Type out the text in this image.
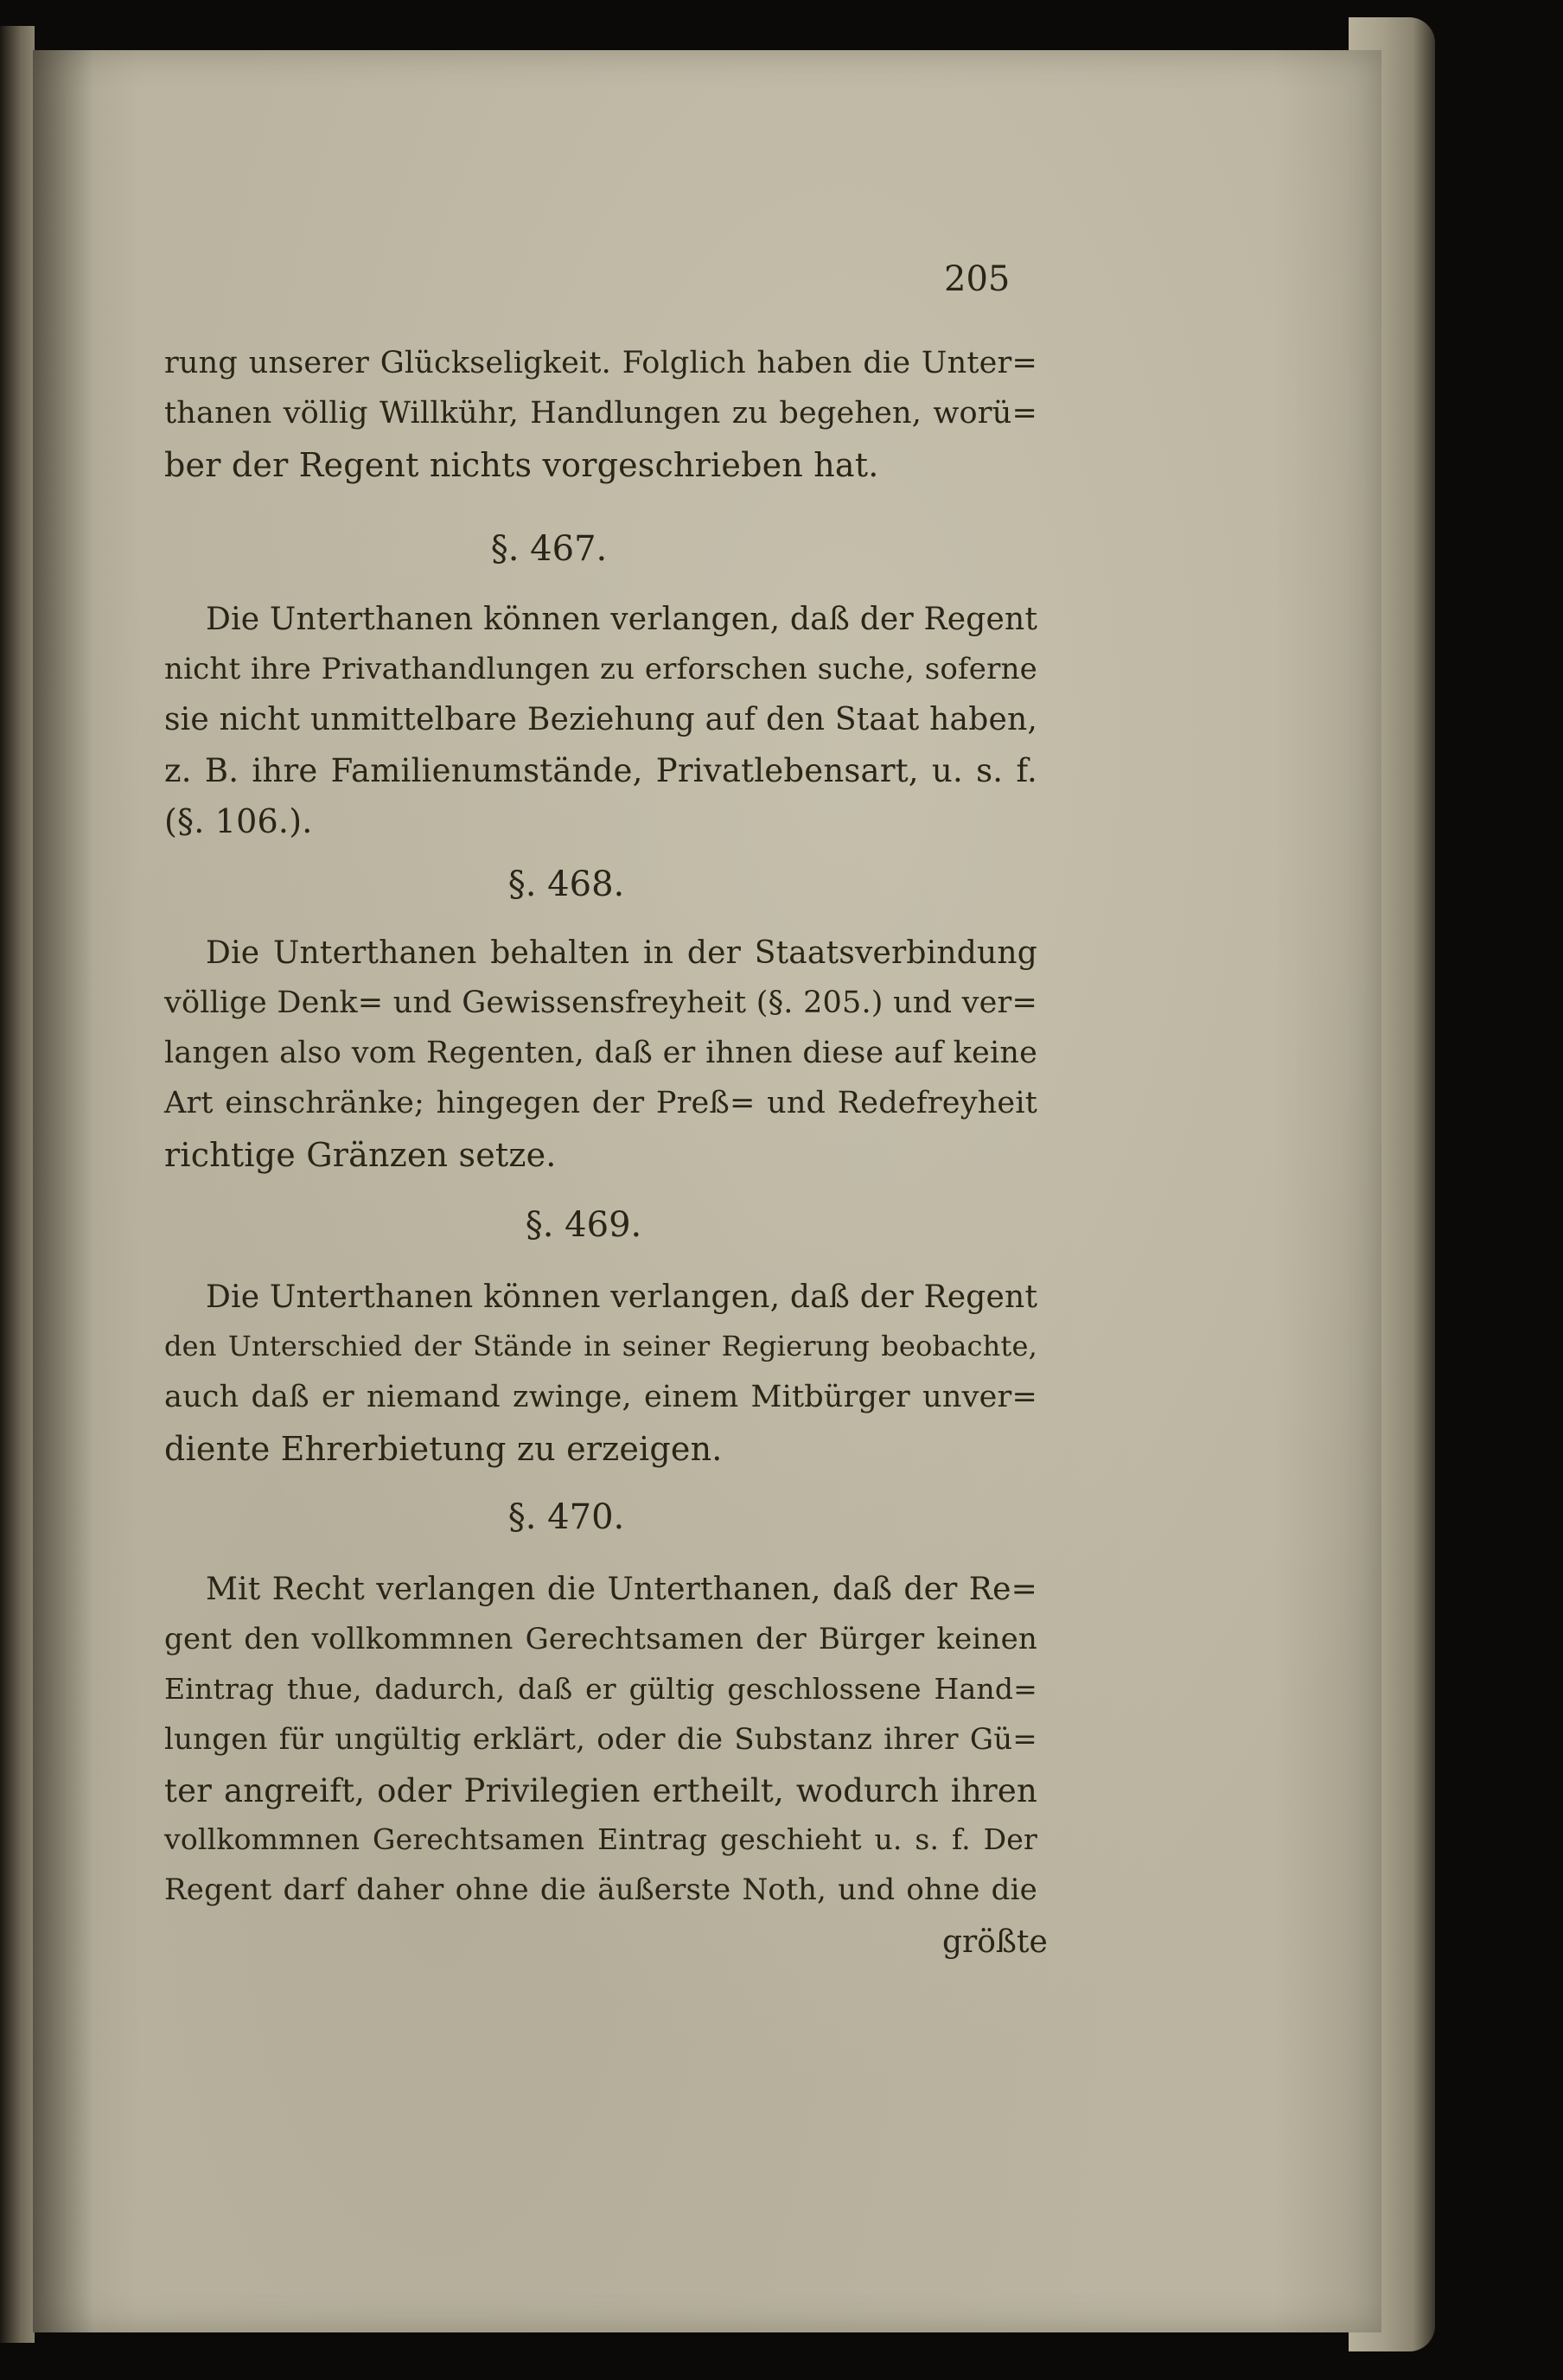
205
rung unserer Glückseligkeit. Folglich haben die Unter=
thanen völlig Willkühr, Handlungen zu begehen, worü=
ber der Regent nichts vorgeschrieben hat.
§. 467.
Die Unterthanen können verlangen, daß der Regent
nicht ihre Privathandlungen zu erforschen suche, soferne
sie nicht unmittelbare Beziehung auf den Staat haben,
z. B. ihre Familienumstände, Privatlebensart, u. s. f.
(§. 106.).
§. 468.
Die Unterthanen behalten in der Staatsverbindung
völlige Denk= und Gewissensfreyheit (§. 205.) und ver=
langen also vom Regenten, daß er ihnen diese auf keine
Art einschränke; hingegen der Preß= und Redefreyheit
richtige Gränzen setze.
§. 469.
Die Unterthanen können verlangen, daß der Regent
den Unterschied der Stände in seiner Regierung beobachte,
auch daß er niemand zwinge, einem Mitbürger unver=
diente Ehrerbietung zu erzeigen.
§. 470.
Mit Recht verlangen die Unterthanen, daß der Re=
gent den vollkommnen Gerechtsamen der Bürger keinen
Eintrag thue, dadurch, daß er gültig geschlossene Hand=
lungen für ungültig erklärt, oder die Substanz ihrer Gü=
ter angreift, oder Privilegien ertheilt, wodurch ihren
vollkommnen Gerechtsamen Eintrag geschieht u. s. f. Der
Regent darf daher ohne die äußerste Noth, und ohne die
größte
